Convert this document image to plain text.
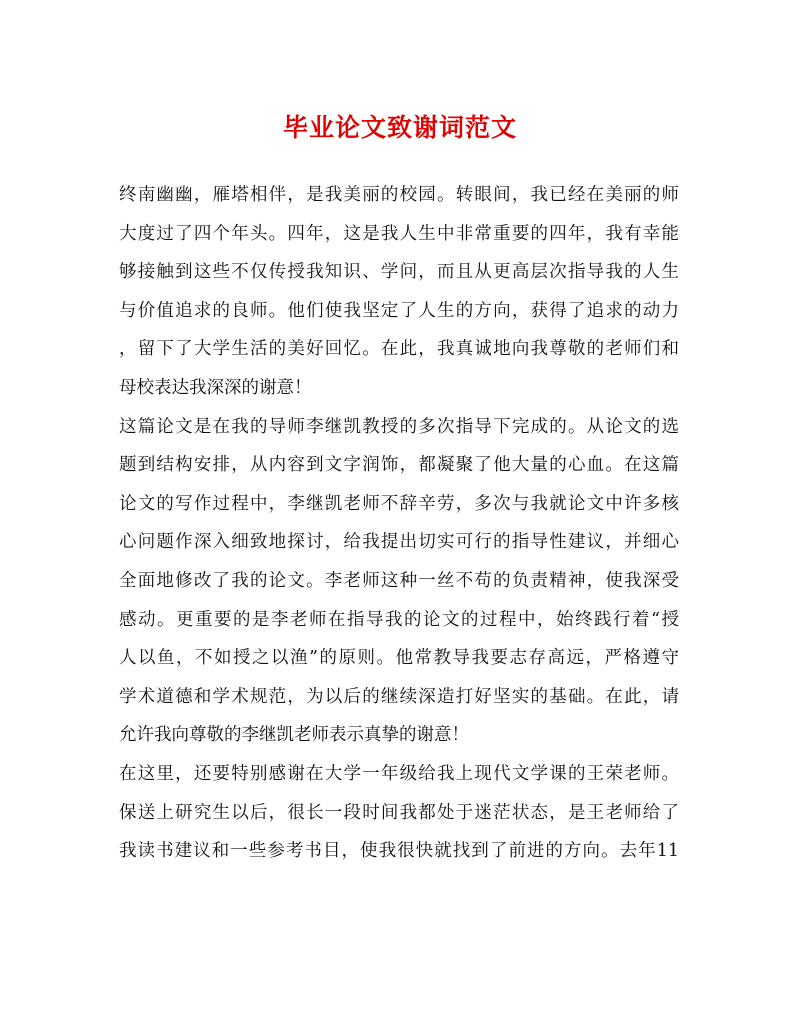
毕业论文致谢词范文
终南幽幽，雁塔相伴，是我美丽的校园。转眼间，我已经在美丽的师
大度过了四个年头。四年，这是我人生中非常重要的四年，我有幸能
够接触到这些不仅传授我知识、学问，而且从更高层次指导我的人生
与价值追求的良师。他们使我坚定了人生的方向，获得了追求的动力
，留下了大学生活的美好回忆。在此，我真诚地向我尊敬的老师们和
母校表达我深深的谢意！
这篇论文是在我的导师李继凯教授的多次指导下完成的。从论文的选
题到结构安排，从内容到文字润饰，都凝聚了他大量的心血。在这篇
论文的写作过程中，李继凯老师不辞辛劳，多次与我就论文中许多核
心问题作深入细致地探讨，给我提出切实可行的指导性建议，并细心
全面地修改了我的论文。李老师这种一丝不苟的负责精神，使我深受
感动。更重要的是李老师在指导我的论文的过程中，始终践行着“授
人以鱼，不如授之以渔”的原则。他常教导我要志存高远，严格遵守
学术道德和学术规范，为以后的继续深造打好坚实的基础。在此，请
允许我向尊敬的李继凯老师表示真挚的谢意！
在这里，还要特别感谢在大学一年级给我上现代文学课的王荣老师。
保送上研究生以后，很长一段时间我都处于迷茫状态，是王老师给了
我读书建议和一些参考书目，使我很快就找到了前进的方向。去年11
